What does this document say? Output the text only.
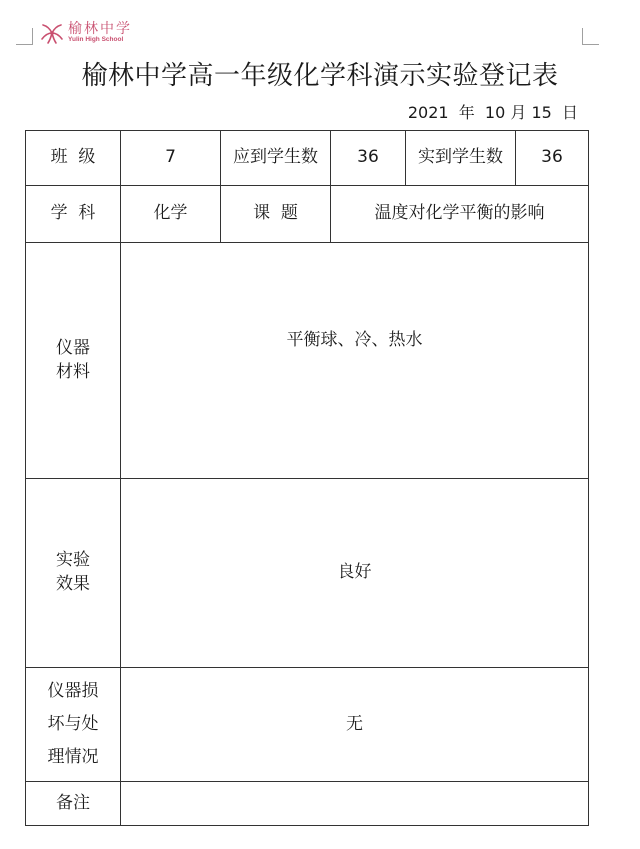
榆林中学
Yulin High School
榆林中学高一年级化学科演示实验登记表
2021  年  10 月 15  日
班  级	7	应到学生数	36	实到学生数	36
学  科	化学	课  题	温度对化学平衡的影响		
仪器
材料	平衡球、冷、热水				
实验
效果	良好				
仪器损
坏与处
理情况	无				
备注					
